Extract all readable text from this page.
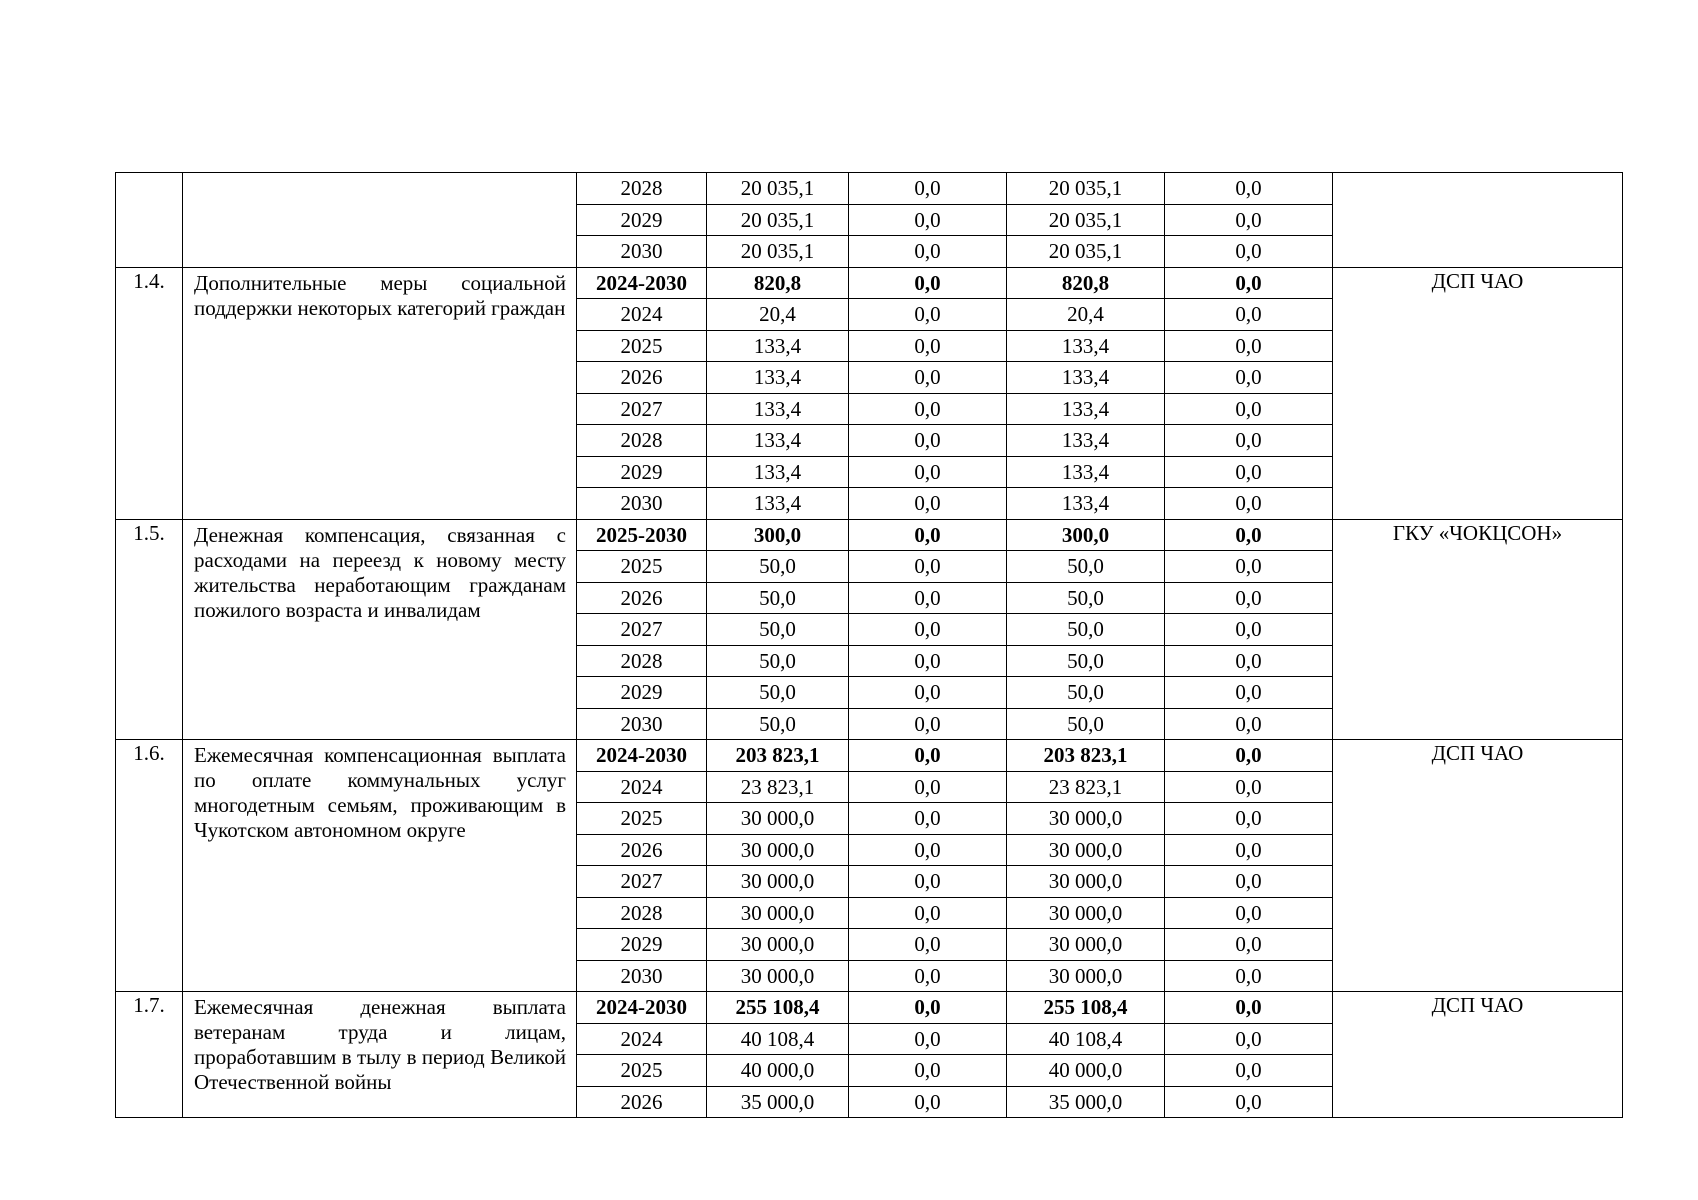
		2028	20 035,1	0,0	20 035,1	0,0	
		2029	20 035,1	0,0	20 035,1	0,0	
		2030	20 035,1	0,0	20 035,1	0,0	
1.4.	Дополнительные меры социальной поддержки некоторых категорий граждан	2024-2030	820,8	0,0	820,8	0,0	ДСП ЧАО
		2024	20,4	0,0	20,4	0,0	
		2025	133,4	0,0	133,4	0,0	
		2026	133,4	0,0	133,4	0,0	
		2027	133,4	0,0	133,4	0,0	
		2028	133,4	0,0	133,4	0,0	
		2029	133,4	0,0	133,4	0,0	
		2030	133,4	0,0	133,4	0,0	
1.5.	Денежная компенсация, связанная с расходами на переезд к новому месту жительства неработающим гражданам пожилого возраста и инвалидам	2025-2030	300,0	0,0	300,0	0,0	ГКУ «ЧОКЦСОН»
		2025	50,0	0,0	50,0	0,0	
		2026	50,0	0,0	50,0	0,0	
		2027	50,0	0,0	50,0	0,0	
		2028	50,0	0,0	50,0	0,0	
		2029	50,0	0,0	50,0	0,0	
		2030	50,0	0,0	50,0	0,0	
1.6.	Ежемесячная компенсационная выплата по оплате коммунальных услуг многодетным семьям, проживающим в Чукотском автономном округе	2024-2030	203 823,1	0,0	203 823,1	0,0	ДСП ЧАО
		2024	23 823,1	0,0	23 823,1	0,0	
		2025	30 000,0	0,0	30 000,0	0,0	
		2026	30 000,0	0,0	30 000,0	0,0	
		2027	30 000,0	0,0	30 000,0	0,0	
		2028	30 000,0	0,0	30 000,0	0,0	
		2029	30 000,0	0,0	30 000,0	0,0	
		2030	30 000,0	0,0	30 000,0	0,0	
1.7.	Ежемесячная денежная выплата ветеранам труда и лицам, проработавшим в тылу в период Великой Отечественной войны	2024-2030	255 108,4	0,0	255 108,4	0,0	ДСП ЧАО
		2024	40 108,4	0,0	40 108,4	0,0	
		2025	40 000,0	0,0	40 000,0	0,0	
		2026	35 000,0	0,0	35 000,0	0,0	
